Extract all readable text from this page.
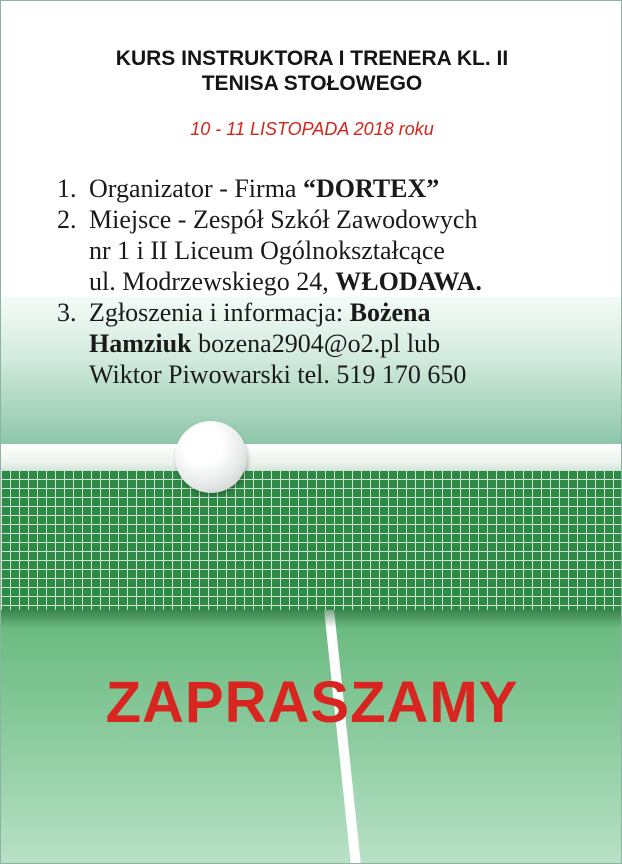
KURS INSTRUKTORA I TRENERA KL. II
TENISA STOŁOWEGO
10 - 11 LISTOPADA 2018 roku
1. Organizator - Firma “DORTEX”
2. Miejsce - Zespół Szkół Zawodowych
nr 1 i II Liceum Ogólnokształcące
ul. Modrzewskiego 24, WŁODAWA.
3. Zgłoszenia i informacja: Bożena
Hamziuk bozena2904@o2.pl lub
Wiktor Piwowarski tel. 519 170 650
ZAPRASZAMY
